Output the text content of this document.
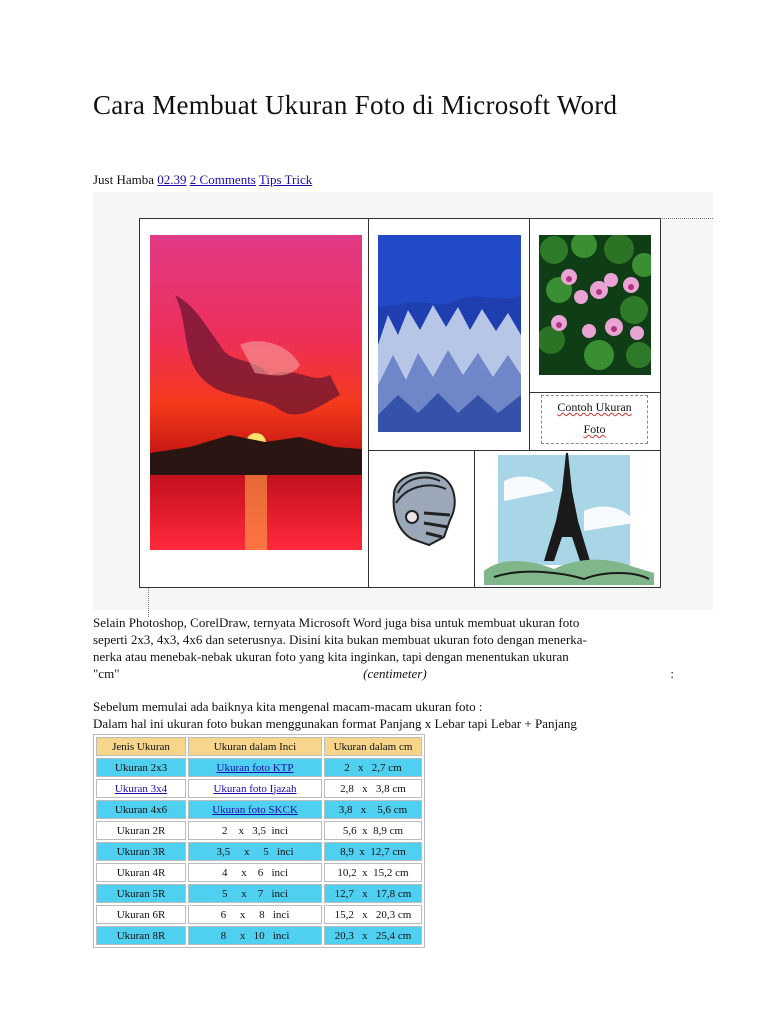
Cara Membuat Ukuran Foto di Microsoft Word
Just Hamba 02.39 2 Comments Tips Trick
Contoh Ukuran
Foto
Selain Photoshop, CorelDraw, ternyata Microsoft Word juga bisa untuk membuat ukuran foto
seperti 2x3, 4x3, 4x6 dan seterusnya. Disini kita bukan membuat ukuran foto dengan menerka-
nerka atau menebak-nebak ukuran foto yang kita inginkan, tapi dengan menentukan ukuran
"cm"	(centimeter)	:
Sebelum memulai ada baiknya kita mengenal macam-macam ukuran foto :
Dalam hal ini ukuran foto bukan menggunakan format Panjang x Lebar tapi Lebar + Panjang
Jenis Ukuran	Ukuran dalam Inci	Ukuran dalam cm
Ukuran 2x3	Ukuran foto KTP	2   x   2,7 cm
Ukuran 3x4	Ukuran foto Ijazah	2,8   x   3,8 cm
Ukuran 4x6	Ukuran foto SKCK	3,8   x    5,6 cm
Ukuran 2R	2    x   3,5  inci	5,6  x  8,9 cm
Ukuran 3R	3,5     x     5   inci	8,9  x  12,7 cm
Ukuran 4R	4     x    6   inci	10,2  x  15,2 cm
Ukuran 5R	5     x    7   inci	12,7   x   17,8 cm
Ukuran 6R	6     x     8   inci	15,2   x   20,3 cm
Ukuran 8R	8     x   10   inci	20,3   x   25,4 cm
